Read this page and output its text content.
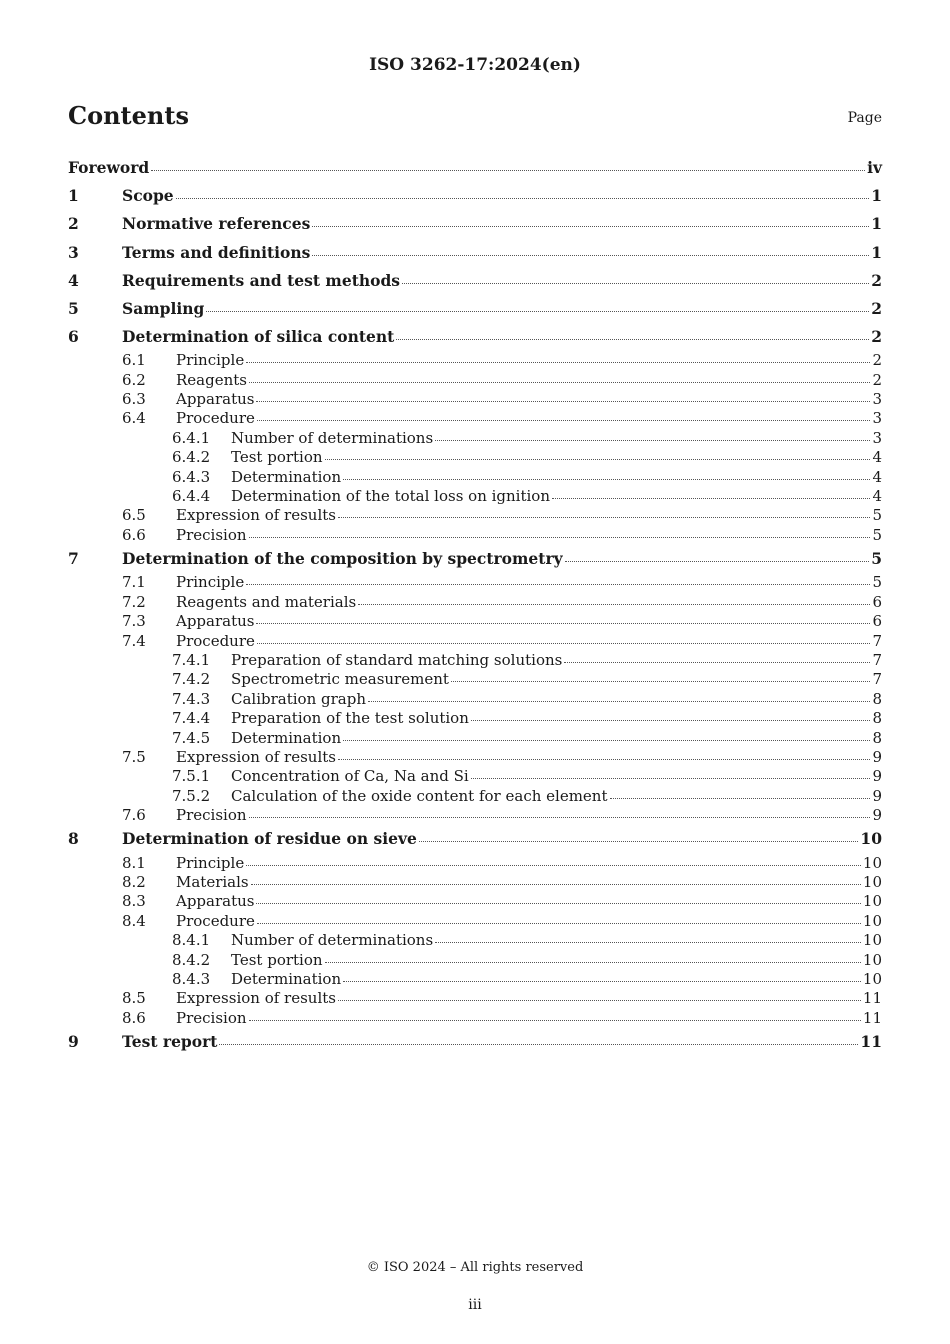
ISO 3262-17:2024(en)
Contents	Page
Foreword	iv
1	Scope	1
2	Normative references	1
3	Terms and definitions	1
4	Requirements and test methods	2
5	Sampling	2
6	Determination of silica content	2
6.1	Principle	2
6.2	Reagents	2
6.3	Apparatus	3
6.4	Procedure	3
6.4.1	Number of determinations	3
6.4.2	Test portion	4
6.4.3	Determination	4
6.4.4	Determination of the total loss on ignition	4
6.5	Expression of results	5
6.6	Precision	5
7	Determination of the composition by spectrometry	5
7.1	Principle	5
7.2	Reagents and materials	6
7.3	Apparatus	6
7.4	Procedure	7
7.4.1	Preparation of standard matching solutions	7
7.4.2	Spectrometric measurement	7
7.4.3	Calibration graph	8
7.4.4	Preparation of the test solution	8
7.4.5	Determination	8
7.5	Expression of results	9
7.5.1	Concentration of Ca, Na and Si	9
7.5.2	Calculation of the oxide content for each element	9
7.6	Precision	9
8	Determination of residue on sieve	10
8.1	Principle	10
8.2	Materials	10
8.3	Apparatus	10
8.4	Procedure	10
8.4.1	Number of determinations	10
8.4.2	Test portion	10
8.4.3	Determination	10
8.5	Expression of results	11
8.6	Precision	11
9	Test report	11
© ISO 2024 – All rights reserved
iii
